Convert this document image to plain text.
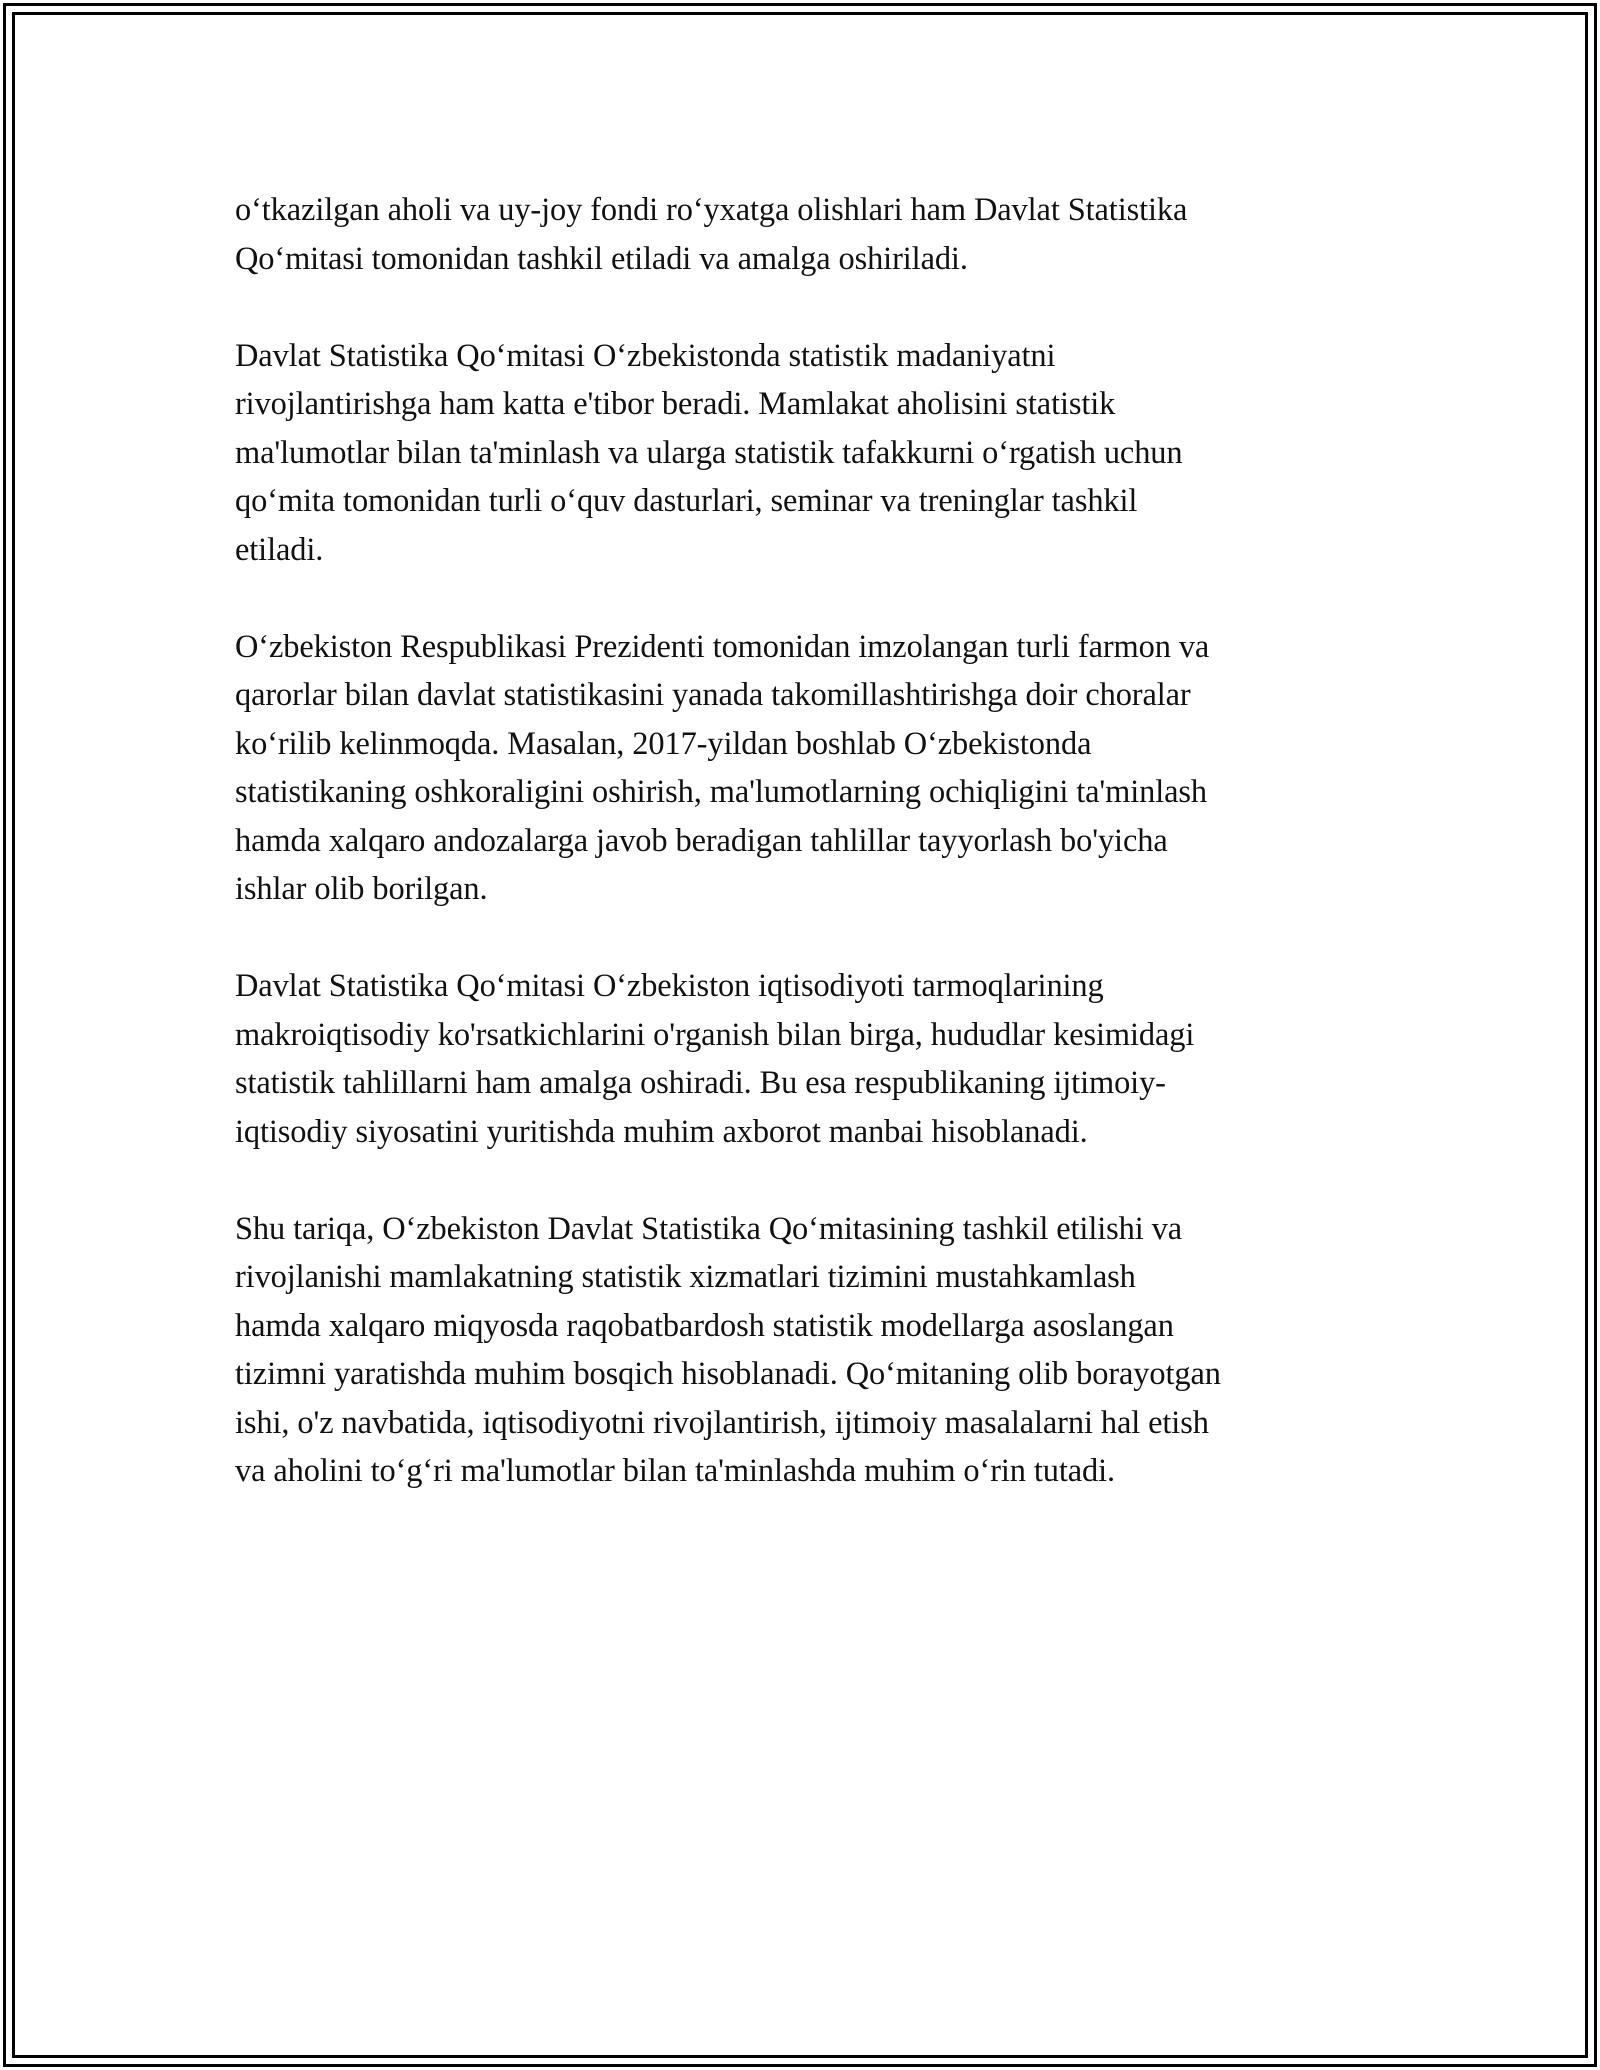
o‘tkazilgan aholi va uy-joy fondi ro‘yxatga olishlari ham Davlat Statistika
Qo‘mitasi tomonidan tashkil etiladi va amalga oshiriladi.

Davlat Statistika Qo‘mitasi O‘zbekistonda statistik madaniyatni
rivojlantirishga ham katta e'tibor beradi. Mamlakat aholisini statistik
ma'lumotlar bilan ta'minlash va ularga statistik tafakkurni o‘rgatish uchun
qo‘mita tomonidan turli o‘quv dasturlari, seminar va treninglar tashkil
etiladi.

O‘zbekiston Respublikasi Prezidenti tomonidan imzolangan turli farmon va
qarorlar bilan davlat statistikasini yanada takomillashtirishga doir choralar
ko‘rilib kelinmoqda. Masalan, 2017-yildan boshlab O‘zbekistonda
statistikaning oshkoraligini oshirish, ma'lumotlarning ochiqligini ta'minlash
hamda xalqaro andozalarga javob beradigan tahlillar tayyorlash bo'yicha
ishlar olib borilgan.

Davlat Statistika Qo‘mitasi O‘zbekiston iqtisodiyoti tarmoqlarining
makroiqtisodiy ko'rsatkichlarini o'rganish bilan birga, hududlar kesimidagi
statistik tahlillarni ham amalga oshiradi. Bu esa respublikaning ijtimoiy-
iqtisodiy siyosatini yuritishda muhim axborot manbai hisoblanadi.

Shu tariqa, O‘zbekiston Davlat Statistika Qo‘mitasining tashkil etilishi va
rivojlanishi mamlakatning statistik xizmatlari tizimini mustahkamlash
hamda xalqaro miqyosda raqobatbardosh statistik modellarga asoslangan
tizimni yaratishda muhim bosqich hisoblanadi. Qo‘mitaning olib borayotgan
ishi, o'z navbatida, iqtisodiyotni rivojlantirish, ijtimoiy masalalarni hal etish
va aholini to‘g‘ri ma'lumotlar bilan ta'minlashda muhim o‘rin tutadi.
